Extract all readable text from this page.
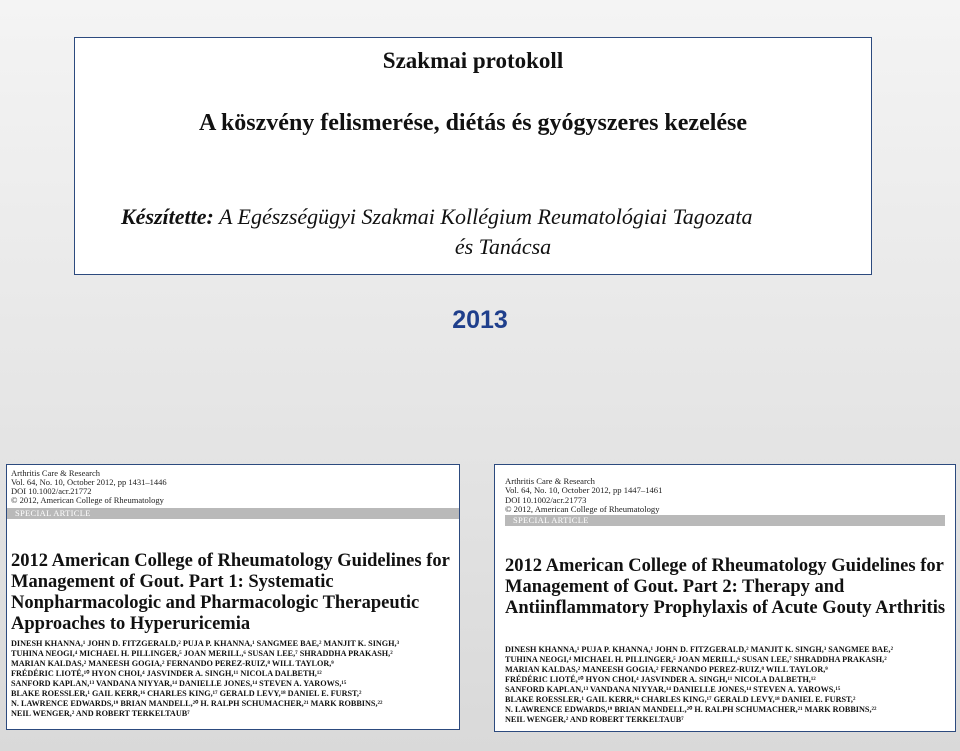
Szakmai protokoll
A köszvény felismerése, diétás és gyógyszeres kezelése
Készítette: A Egészségügyi Szakmai Kollégium Reumatológiai Tagozata
és Tanácsa
2013
Arthritis Care & Research
Vol. 64, No. 10, October 2012, pp 1431–1446
DOI 10.1002/acr.21772
© 2012, American College of Rheumatology
SPECIAL ARTICLE
2012 American College of Rheumatology Guidelines for Management of Gout. Part 1: Systematic Nonpharmacologic and Pharmacologic Therapeutic Approaches to Hyperuricemia
DINESH KHANNA,¹ JOHN D. FITZGERALD,² PUJA P. KHANNA,¹ SANGMEE BAE,² MANJIT K. SINGH,³
TUHINA NEOGI,⁴ MICHAEL H. PILLINGER,⁵ JOAN MERILL,⁶ SUSAN LEE,⁷ SHRADDHA PRAKASH,²
MARIAN KALDAS,² MANEESH GOGIA,² FERNANDO PEREZ-RUIZ,⁸ WILL TAYLOR,⁹
FRÉDÉRIC LIOTÉ,¹⁰ HYON CHOI,⁴ JASVINDER A. SINGH,¹¹ NICOLA DALBETH,¹²
SANFORD KAPLAN,¹³ VANDANA NIYYAR,¹⁴ DANIELLE JONES,¹⁴ STEVEN A. YAROWS,¹⁵
BLAKE ROESSLER,¹ GAIL KERR,¹⁶ CHARLES KING,¹⁷ GERALD LEVY,¹⁸ DANIEL E. FURST,²
N. LAWRENCE EDWARDS,¹⁹ BRIAN MANDELL,²⁰ H. RALPH SCHUMACHER,²¹ MARK ROBBINS,²²
NEIL WENGER,² AND ROBERT TERKELTAUB⁷
Arthritis Care & Research
Vol. 64, No. 10, October 2012, pp 1447–1461
DOI 10.1002/acr.21773
© 2012, American College of Rheumatology
SPECIAL ARTICLE
2012 American College of Rheumatology Guidelines for Management of Gout. Part 2: Therapy and Antiinflammatory Prophylaxis of Acute Gouty Arthritis
DINESH KHANNA,¹ PUJA P. KHANNA,¹ JOHN D. FITZGERALD,² MANJIT K. SINGH,³ SANGMEE BAE,²
TUHINA NEOGI,⁴ MICHAEL H. PILLINGER,⁵ JOAN MERILL,⁶ SUSAN LEE,⁷ SHRADDHA PRAKASH,²
MARIAN KALDAS,² MANEESH GOGIA,² FERNANDO PEREZ-RUIZ,⁸ WILL TAYLOR,⁹
FRÉDÉRIC LIOTÉ,¹⁰ HYON CHOI,⁴ JASVINDER A. SINGH,¹¹ NICOLA DALBETH,¹²
SANFORD KAPLAN,¹³ VANDANA NIYYAR,¹⁴ DANIELLE JONES,¹⁴ STEVEN A. YAROWS,¹⁵
BLAKE ROESSLER,¹ GAIL KERR,¹⁶ CHARLES KING,¹⁷ GERALD LEVY,¹⁸ DANIEL E. FURST,²
N. LAWRENCE EDWARDS,¹⁹ BRIAN MANDELL,²⁰ H. RALPH SCHUMACHER,²¹ MARK ROBBINS,²²
NEIL WENGER,² AND ROBERT TERKELTAUB⁷
